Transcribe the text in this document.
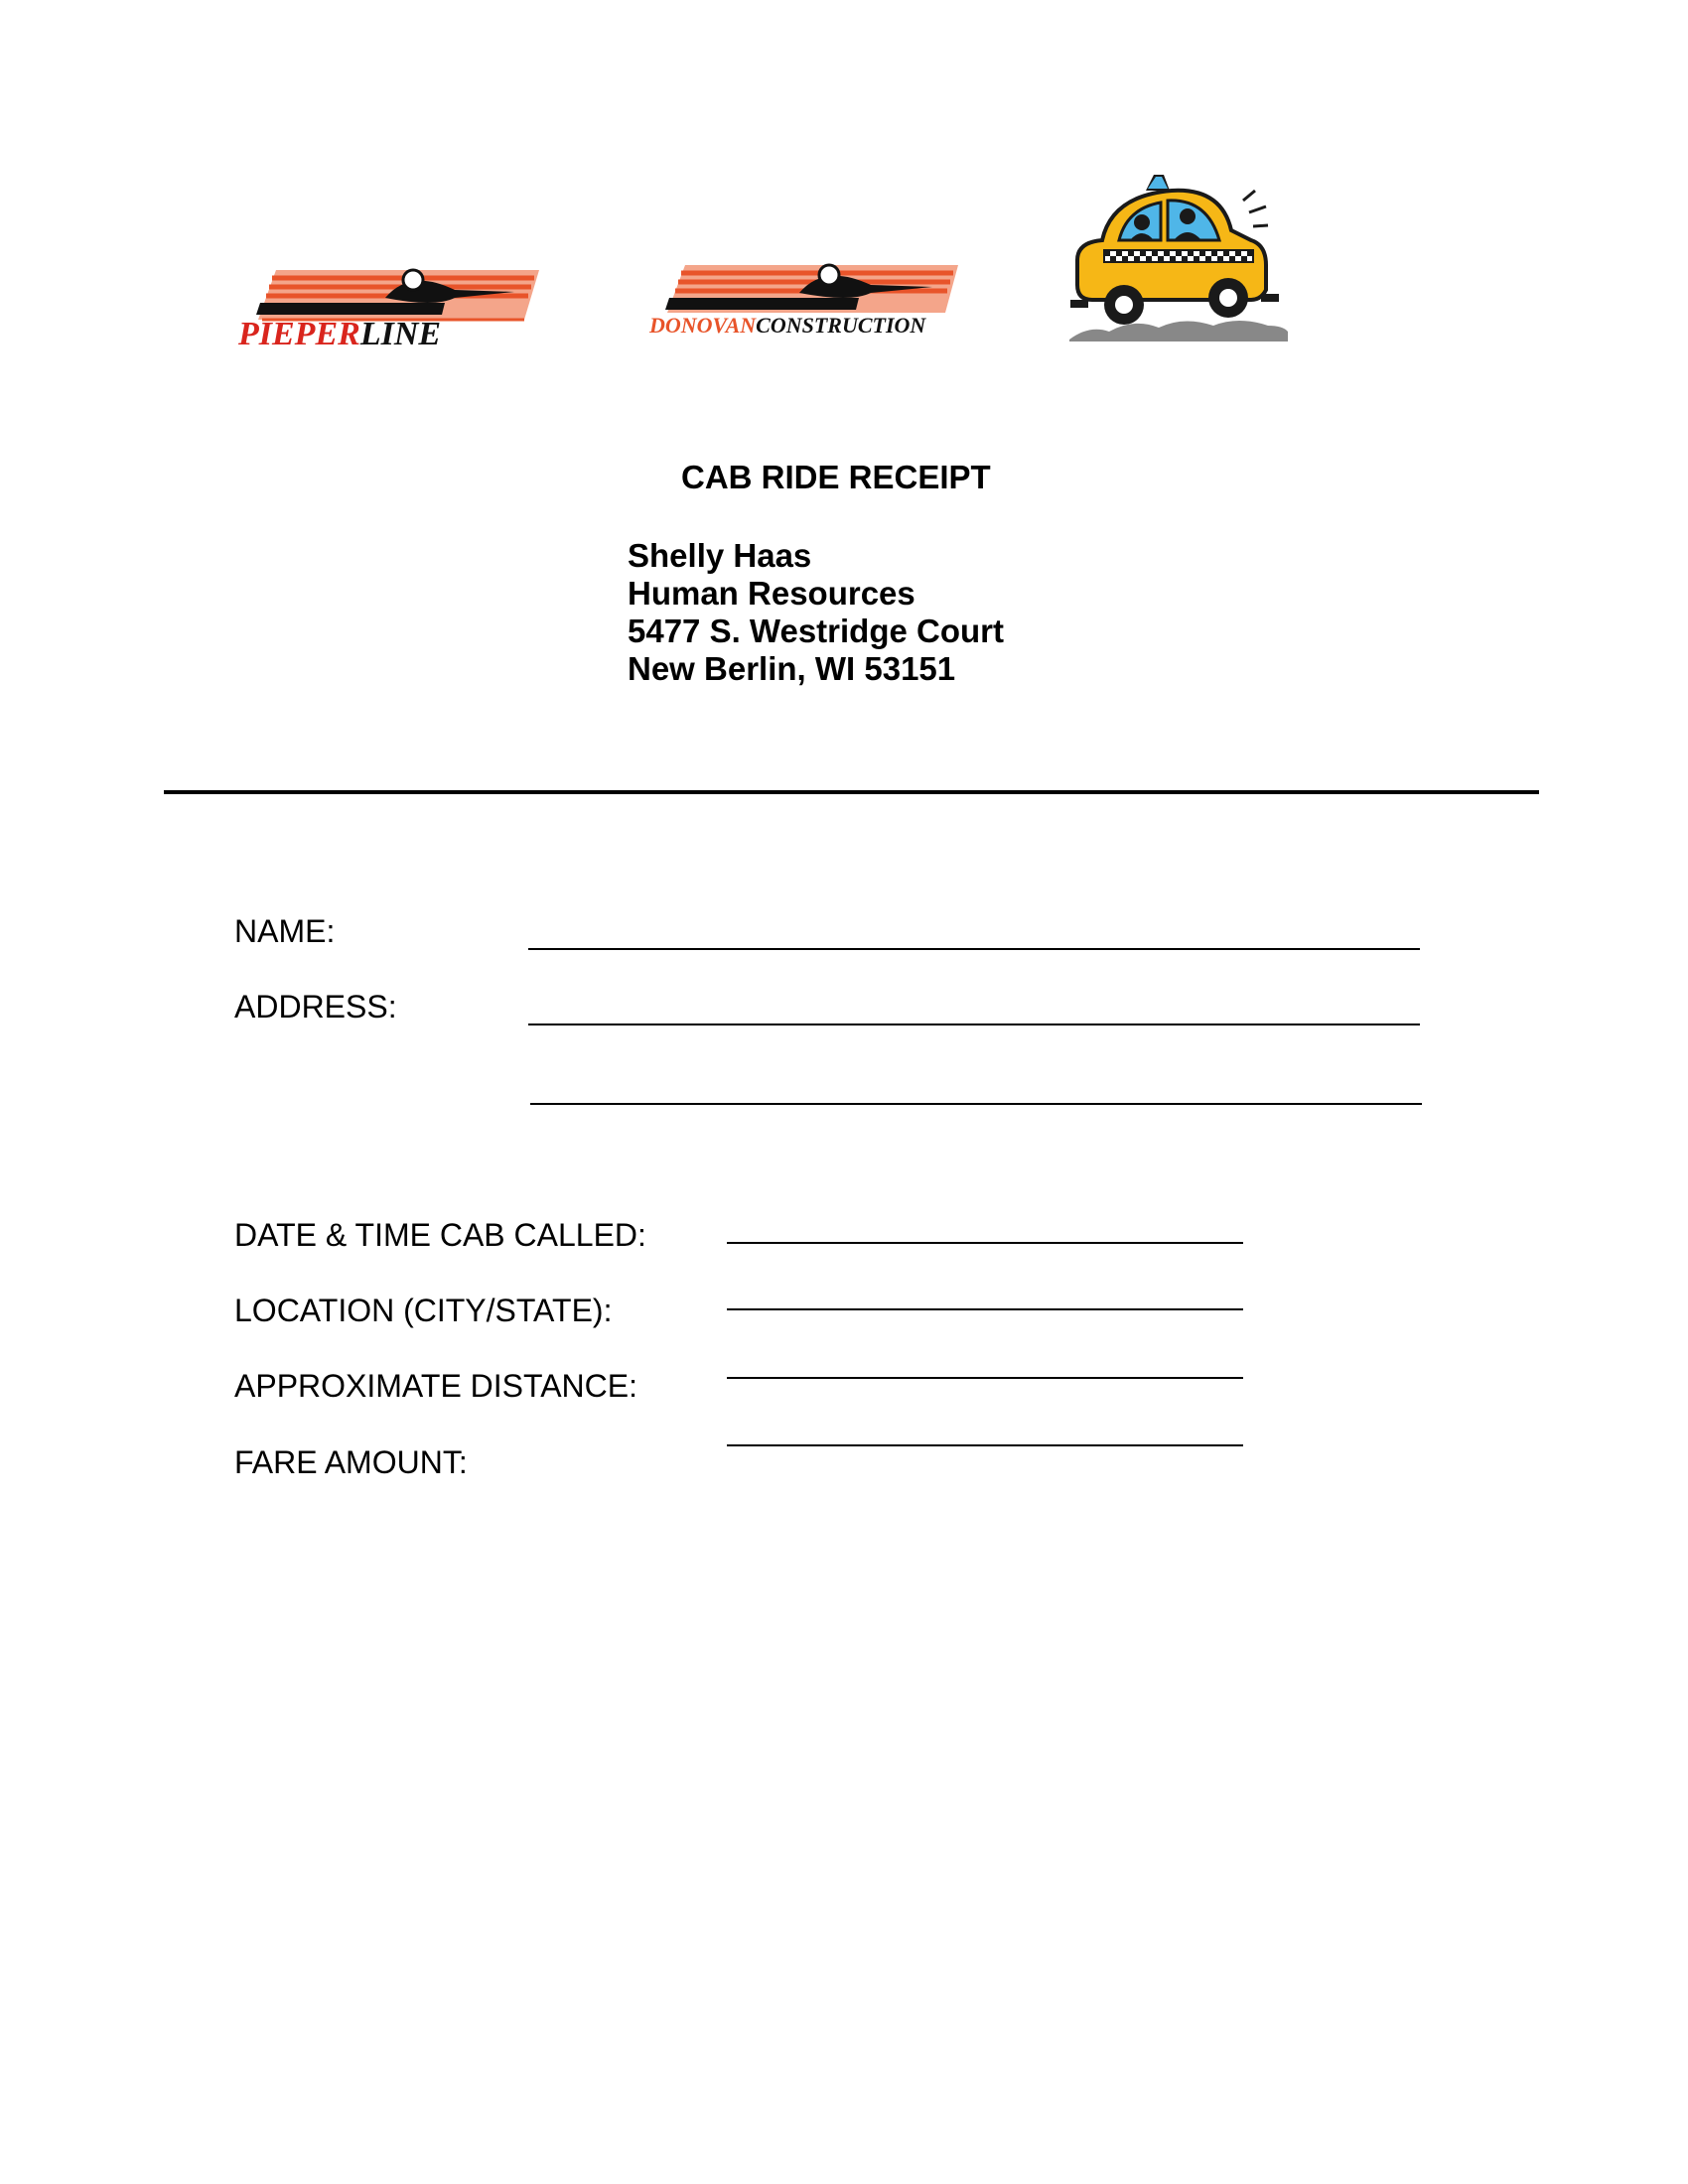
PIEPERLINE	DONOVANCONSTRUCTION
CAB RIDE RECEIPT
Shelly Haas
Human Resources
5477 S. Westridge Court
New Berlin, WI 53151
NAME:
ADDRESS:
DATE & TIME CAB CALLED:
LOCATION (CITY/STATE):
APPROXIMATE DISTANCE:
FARE AMOUNT:
